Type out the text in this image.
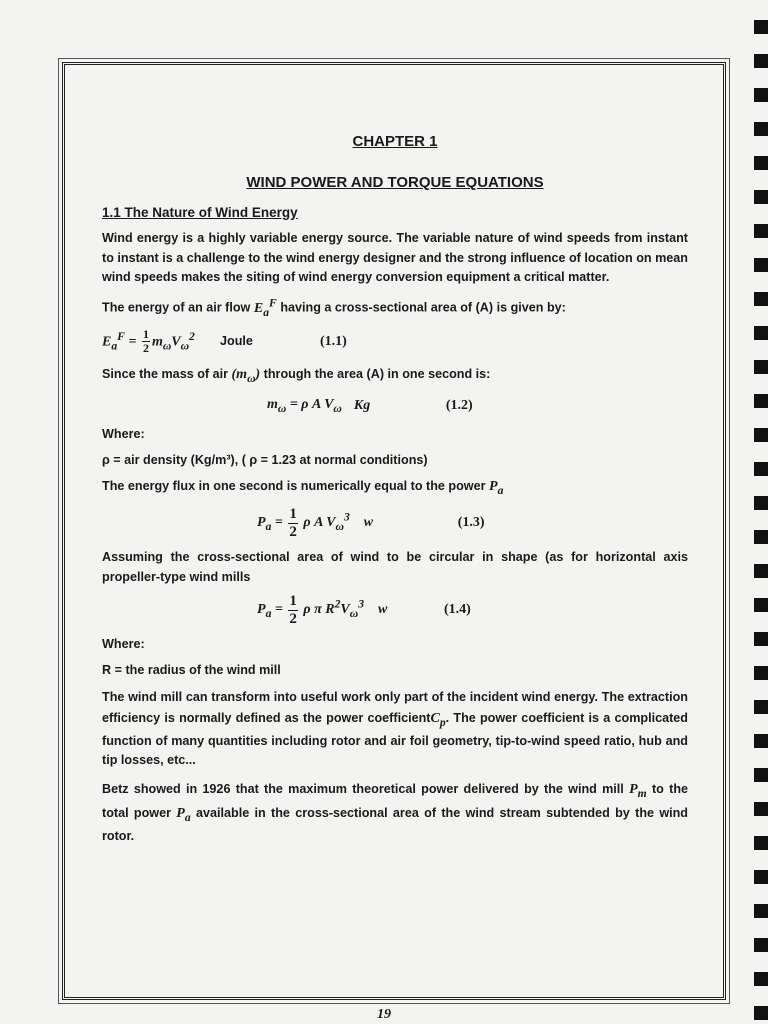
CHAPTER 1
WIND POWER AND TORQUE EQUATIONS
1.1 The Nature of Wind Energy

Wind energy is a highly variable energy source. The variable nature of wind speeds from instant to instant is a challenge to the wind energy designer and the strong influence of location on mean wind speeds makes the siting of wind energy conversion equipment a critical matter.

The energy of an air flow $E_a^F$ having a cross-sectional area of (A) is given by:

$E_a^F = \frac{1}{2} m_\omega V_\omega^2$	Joule	(1.1)

Since the mass of air $(m_\omega)$ through the area (A) in one second is:

$m_\omega = \rho$ A $V_\omega$ Kg	(1.2)

Where:

ρ = air density (Kg/m³), ( ρ = 1.23 at normal conditions)

The energy flux in one second is numerically equal to the power $P_a$

$P_a = \frac{1}{2}$ ρ A $V_\omega^3$ w	(1.3)

Assuming the cross-sectional area of wind to be circular in shape (as for horizontal axis propeller-type wind mills

$P_a = \frac{1}{2}$ ρ π $R^2V_\omega^3$ w	(1.4)

Where:

R = the radius of the wind mill

The wind mill can transform into useful work only part of the incident wind energy. The extraction efficiency is normally defined as the power coefficientC$_p$. The power coefficient is a complicated function of many quantities including rotor and air foil geometry, tip-to-wind speed ratio, hub and tip losses, etc...

Betz showed in 1926 that the maximum theoretical power delivered by the wind mill $P_m$ to the total power $P_a$ available in the cross-sectional area of the wind stream subtended by the wind rotor.

19
